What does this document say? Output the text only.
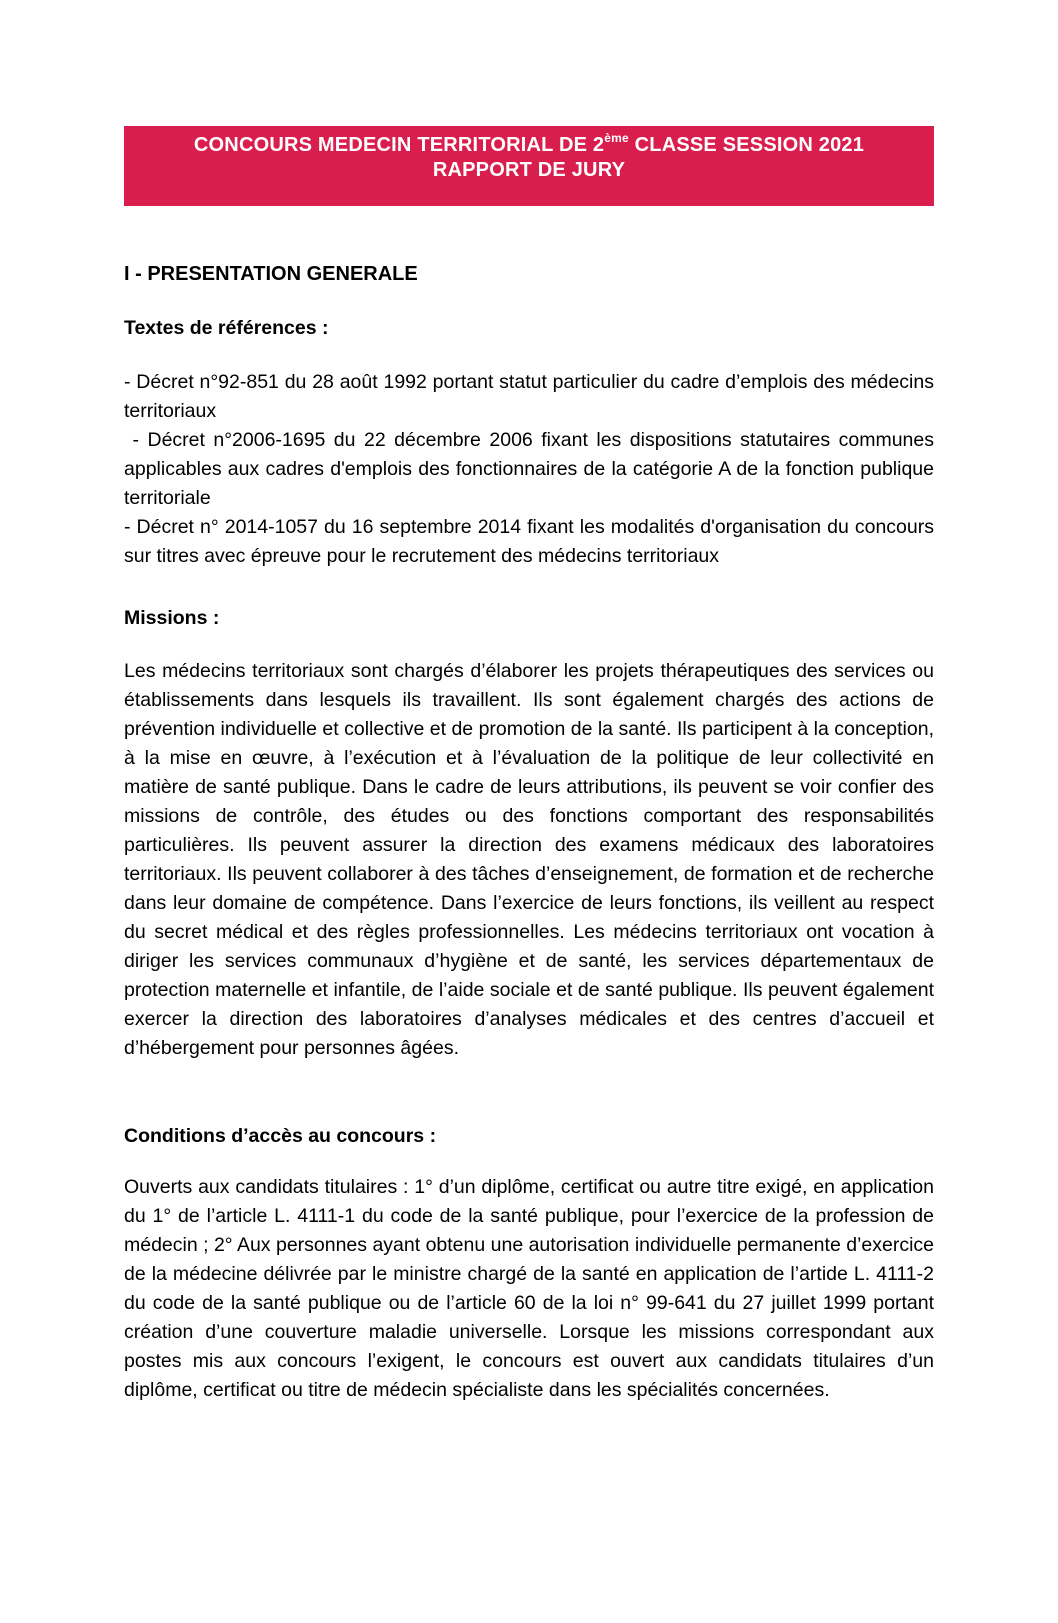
CONCOURS MEDECIN TERRITORIAL DE 2ème CLASSE SESSION 2021
RAPPORT DE JURY
I - PRESENTATION GENERALE
Textes de références :

- Décret n°92-851 du 28 août 1992 portant statut particulier du cadre d’emplois des médecins territoriaux

- Décret n°2006-1695 du 22 décembre 2006 fixant les dispositions statutaires communes applicables aux cadres d'emplois des fonctionnaires de la catégorie A de la fonction publique territoriale

- Décret n° 2014-1057 du 16 septembre 2014 fixant les modalités d'organisation du concours sur titres avec épreuve pour le recrutement des médecins territoriaux

Missions :

Les médecins territoriaux sont chargés d’élaborer les projets thérapeutiques des services ou établissements dans lesquels ils travaillent. Ils sont également chargés des actions de prévention individuelle et collective et de promotion de la santé. Ils participent à la conception, à la mise en œuvre, à l’exécution et à l’évaluation de la politique de leur collectivité en matière de santé publique. Dans le cadre de leurs attributions, ils peuvent se voir confier des missions de contrôle, des études ou des fonctions comportant des responsabilités particulières. Ils peuvent assurer la direction des examens médicaux des laboratoires territoriaux. Ils peuvent collaborer à des tâches d’enseignement, de formation et de recherche dans leur domaine de compétence. Dans l’exercice de leurs fonctions, ils veillent au respect du secret médical et des règles professionnelles. Les médecins territoriaux ont vocation à diriger les services communaux d’hygiène et de santé, les services départementaux de protection maternelle et infantile, de l’aide sociale et de santé publique. Ils peuvent également exercer la direction des laboratoires d’analyses médicales et des centres d’accueil et d’hébergement pour personnes âgées.

Conditions d’accès au concours :

Ouverts aux candidats titulaires : 1° d’un diplôme, certificat ou autre titre exigé, en application du 1° de l’article L. 4111-1 du code de la santé publique, pour l’exercice de la profession de médecin ; 2° Aux personnes ayant obtenu une autorisation individuelle permanente d’exercice de la médecine délivrée par le ministre chargé de la santé en application de l’artide L. 4111-2 du code de la santé publique ou de l’article 60 de la loi n° 99-641 du 27 juillet 1999 portant création d’une couverture maladie universelle. Lorsque les missions correspondant aux postes mis aux concours l’exigent, le concours est ouvert aux candidats titulaires d’un diplôme, certificat ou titre de médecin spécialiste dans les spécialités concernées.
